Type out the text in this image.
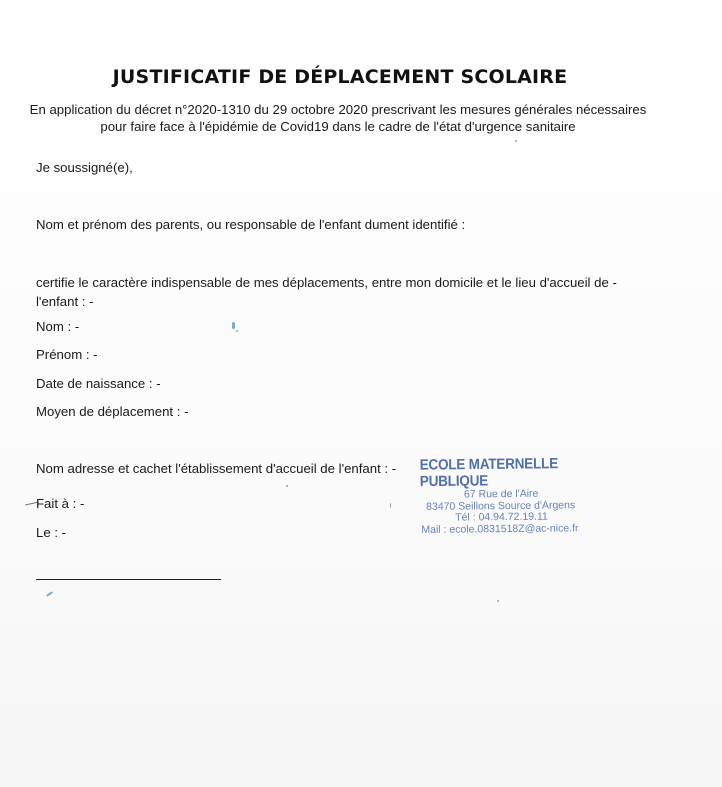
JUSTIFICATIF DE DÉPLACEMENT SCOLAIRE
En application du décret n°2020-1310 du 29 octobre 2020 prescrivant les mesures générales nécessaires
pour faire face à l'épidémie de Covid19 dans le cadre de l'état d'urgence sanitaire
Je soussigné(e),
Nom et prénom des parents, ou responsable de l'enfant dument identifié :
certifie le caractère indispensable de mes déplacements, entre mon domicile et le lieu d'accueil de -
l'enfant : -
Nom : -
Prénom : -
Date de naissance : -
Moyen de déplacement : -
Nom adresse et cachet l'établissement d'accueil de l'enfant : -
Fait à : -
Le : -
ECOLE MATERNELLE PUBLIQUE
67 Rue de l'Aire
83470 Seillons Source d'Argens
Tél : 04.94.72.19.11
Mail : ecole.0831518Z@ac-nice.fr
